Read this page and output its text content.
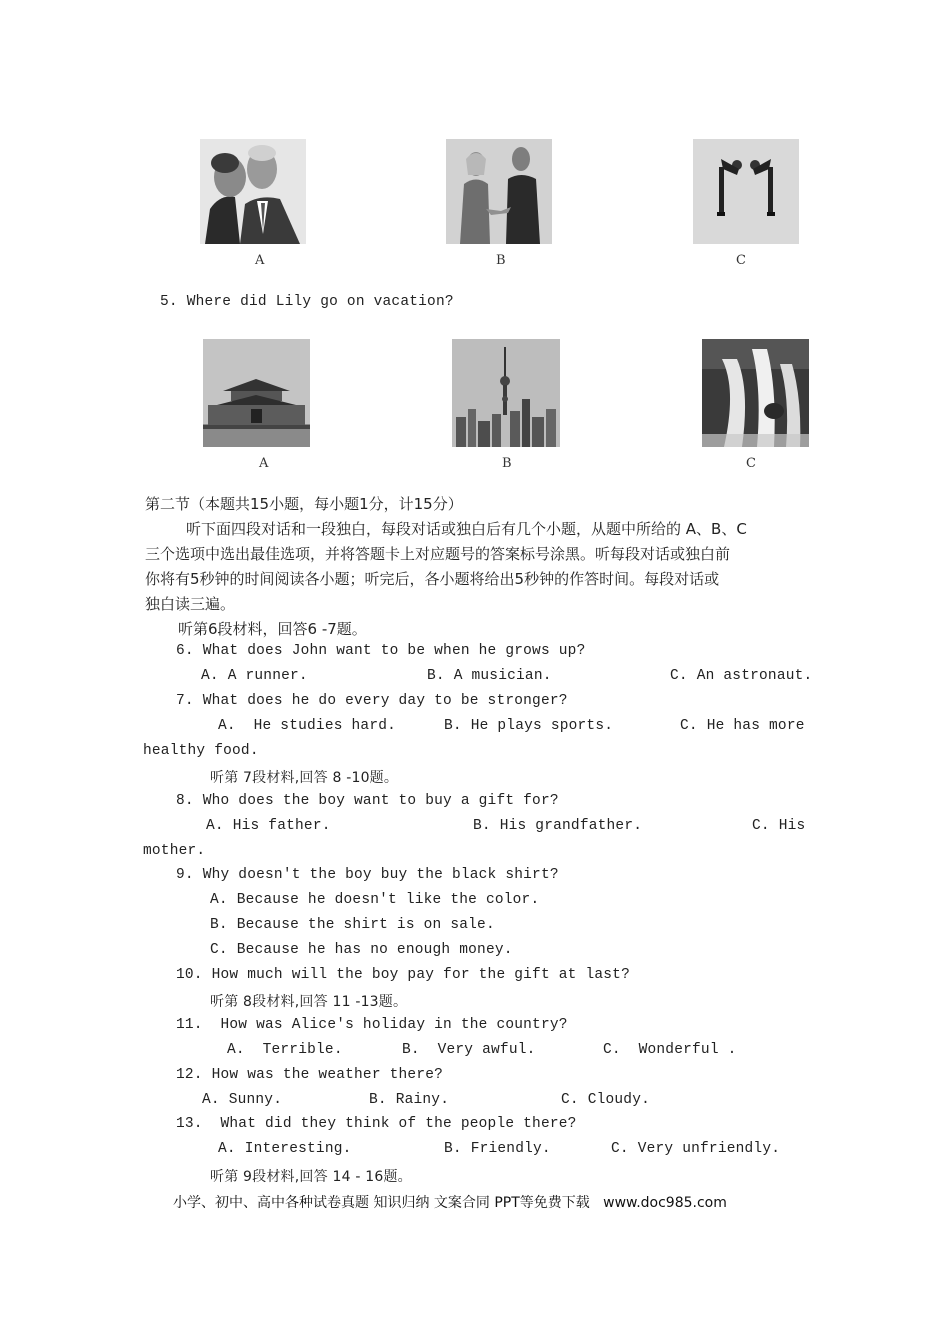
A	B	C
5. Where did Lily go on vacation?
A	B	C
第二节（本题共15小题，每小题1分，计15分）
听下面四段对话和一段独白，每段对话或独白后有几个小题，从题中所给的 A、B、C
三个选项中选出最佳选项，并将答题卡上对应题号的答案标号涂黑。听每段对话或独白前
你将有5秒钟的时间阅读各小题；听完后，各小题将给出5秒钟的作答时间。每段对话或
独白读三遍。
听第6段材料，回答6 -7题。
6. What does John want to be when he grows up?
A. A runner.	B. A musician.	C. An astronaut.
7. What does he do every day to be stronger?
A.  He studies hard.	B. He plays sports.	C. He has more
healthy food.
听第 7段材料,回答 8 -10题。
8. Who does the boy want to buy a gift for?
A. His father.	B. His grandfather.	C. His
mother.
9. Why doesn't the boy buy the black shirt?
A. Because he doesn't like the color.
B. Because the shirt is on sale.
C. Because he has no enough money.
10. How much will the boy pay for the gift at last?
听第 8段材料,回答 11 -13题。
11.  How was Alice's holiday in the country?
A.  Terrible.	B.  Very awful.	C.  Wonderful .
12. How was the weather there?
A. Sunny.	B. Rainy.	C. Cloudy.
13.  What did they think of the people there?
A. Interesting.	B. Friendly.	C. Very unfriendly.
听第 9段材料,回答 14 - 16题。
小学、初中、高中各种试卷真题 知识归纳 文案合同 PPT等免费下载   www.doc985.com
